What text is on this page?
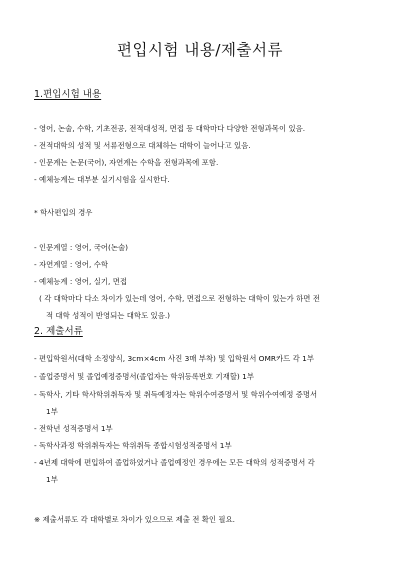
편입시험 내용/제출서류
1.편입시험 내용
- 영어, 논술, 수학, 기초전공, 전적대성적, 면접 등 대학마다 다양한 전형과목이 있음.
- 전적대학의 성적 및 서류전형으로 대체하는 대학이 늘어나고 있음.
- 인문계는 논문(국어), 자연계는 수학을 전형과목에 포함.
- 예체능계는 대부분 실기시험을 실시한다.
* 학사편입의 경우
- 인문계열 : 영어, 국어(논술)
- 자연계열 : 영어, 수학
- 예체능계 : 영어, 실기, 면접
( 각 대학마다 다소 차이가 있는데 영어, 수학, 면접으로 전형하는 대학이 있는가 하면 전
적 대학 성적이 반영되는 대학도 있음.)
2. 제출서류
- 편입학원서(대학 소정양식, 3cm×4cm 사진 3매 부착) 및 입학원서 OMR카드 각 1부
- 졸업증명서 및 졸업예정증명서(졸업자는 학위등록번호 기재할) 1부
- 독학사, 기타 학사학위취득자 및 취득예정자는 학위수여증명서 및 학위수여예정 증명서
1부
- 전학년 성적증명서 1부
- 독학사과정 학위취득자는 학위취득 종합시험성적증명서 1부
- 4년제 대학에 편입하여 졸업하였거나 졸업예정인 경우에는 모든 대학의 성적증명서 각
1부
※ 제출서류도 각 대학별로 차이가 있으므로 제출 전 확인 필요.
